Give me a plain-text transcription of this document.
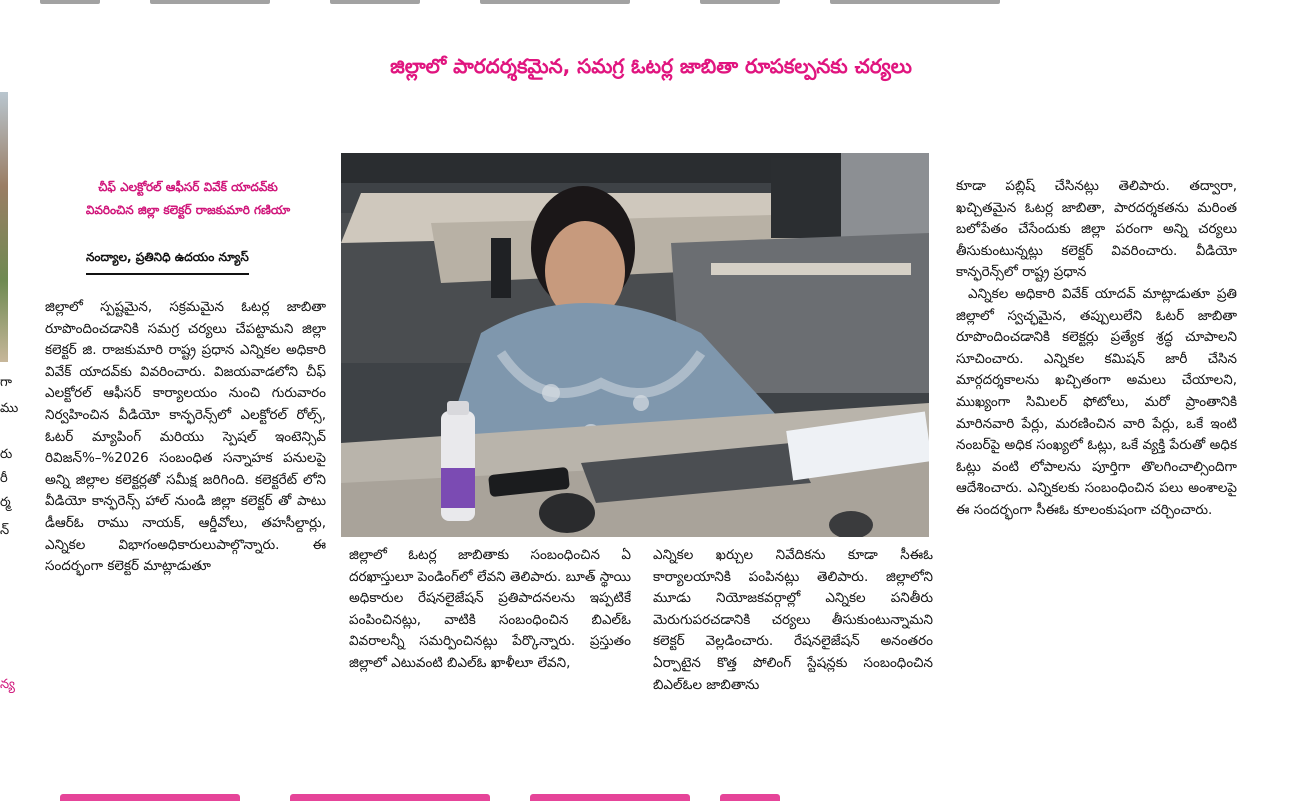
గా
ము
రు
రీ
ర్మ
న్
న్య
జిల్లాలో పారదర్శకమైన, సమగ్ర ఓటర్ల జాబితా రూపకల్పనకు చర్యలు
చీఫ్ ఎలక్టోరల్ ఆఫీసర్ వివేక్ యాదవ్‌కు
వివరించిన జిల్లా కలెక్టర్ రాజకుమారి గణియా
నంద్యాల, ప్రతినిధి ఉదయం న్యూస్

జిల్లాలో స్పష్టమైన, సక్రమమైన ఓటర్ల జాబితా రూపొందించడానికి సమగ్ర చర్యలు చేపట్టామని జిల్లా కలెక్టర్ జి. రాజకుమారి రాష్ట్ర ప్రధాన ఎన్నికల అధికారి వివేక్ యాదవ్‌కు వివరించారు. విజయవాడలోని చీఫ్ ఎలక్టోరల్ ఆఫీసర్ కార్యాలయం నుంచి గురువారం నిర్వహించిన వీడియో కాన్ఫరెన్స్‌లో ఎలక్టోరల్ రోల్స్, ఓటర్ మ్యాపింగ్ మరియు స్పెషల్ ఇంటెన్సివ్ రివిజన్%–%2026 సంబంధిత సన్నాహక పనులపై అన్ని జిల్లాల కలెక్టర్లతో సమీక్ష జరిగింది. కలెక్టరేట్ లోని వీడియో కాన్ఫరెన్స్ హాల్ నుండి జిల్లా కలెక్టర్ తో పాటు డీఆర్‌ఓ రాము నాయక్, ఆర్డీవోలు, తహసీల్దార్లు, ఎన్నికల విభాగంఅధికారులుపాల్గొన్నారు. ఈ సందర్భంగా కలెక్టర్ మాట్లాడుతూ

జిల్లాలో ఓటర్ల జాబితాకు సంబంధించిన ఏ దరఖాస్తులూ పెండింగ్‌లో లేవని తెలిపారు. బూత్ స్థాయి అధికారుల రేషనలైజేషన్ ప్రతిపాదనలను ఇప్పటికే పంపించినట్లు, వాటికి సంబంధించిన బిఎల్ఓ వివరాలన్నీ సమర్పించినట్లు పేర్కొన్నారు. ప్రస్తుతం జిల్లాలో ఎటువంటి బిఎల్ఓ ఖాళీలూ లేవని,

ఎన్నికల ఖర్చుల నివేదికను కూడా సీఈఓ కార్యాలయానికి పంపినట్లు తెలిపారు. జిల్లాలోని మూడు నియోజకవర్గాల్లో ఎన్నికల పనితీరు మెరుగుపరచడానికి చర్యలు తీసుకుంటున్నామని కలెక్టర్ వెల్లడించారు. రేషనలైజేషన్ అనంతరం ఏర్పాటైన కొత్త పోలింగ్ స్టేషన్లకు సంబంధించిన బిఎల్ఓల జాబితాను

కూడా పబ్లిష్ చేసినట్లు తెలిపారు. తద్వారా, ఖచ్చితమైన ఓటర్ల జాబితా, పారదర్శకతను మరింత బలోపేతం చేసేందుకు జిల్లా పరంగా అన్ని చర్యలు తీసుకుంటున్నట్లు కలెక్టర్ వివరించారు. వీడియో కాన్ఫరెన్స్‌లో రాష్ట్ర ప్రధాన

ఎన్నికల అధికారి వివేక్ యాదవ్ మాట్లాడుతూ ప్రతి జిల్లాలో స్వచ్ఛమైన, తప్పులులేని ఓటర్ జాబితా రూపొందించడానికి కలెక్టర్లు ప్రత్యేక శ్రద్ధ చూపాలని సూచించారు. ఎన్నికల కమిషన్ జారీ చేసిన మార్గదర్శకాలను ఖచ్చితంగా అమలు చేయాలని, ముఖ్యంగా సిమిలర్ ఫోటోలు, మరో ప్రాంతానికి మారినవారి పేర్లు, మరణించిన వారి పేర్లు, ఒకే ఇంటి నంబర్‌పై అధిక సంఖ్యలో ఓట్లు, ఒకే వ్యక్తి పేరుతో అధిక ఓట్లు వంటి లోపాలను పూర్తిగా తొలగించాల్సిందిగా ఆదేశించారు. ఎన్నికలకు సంబంధించిన పలు అంశాలపై ఈ సందర్భంగా సీఈఓ కూలంకుషంగా చర్చించారు.
